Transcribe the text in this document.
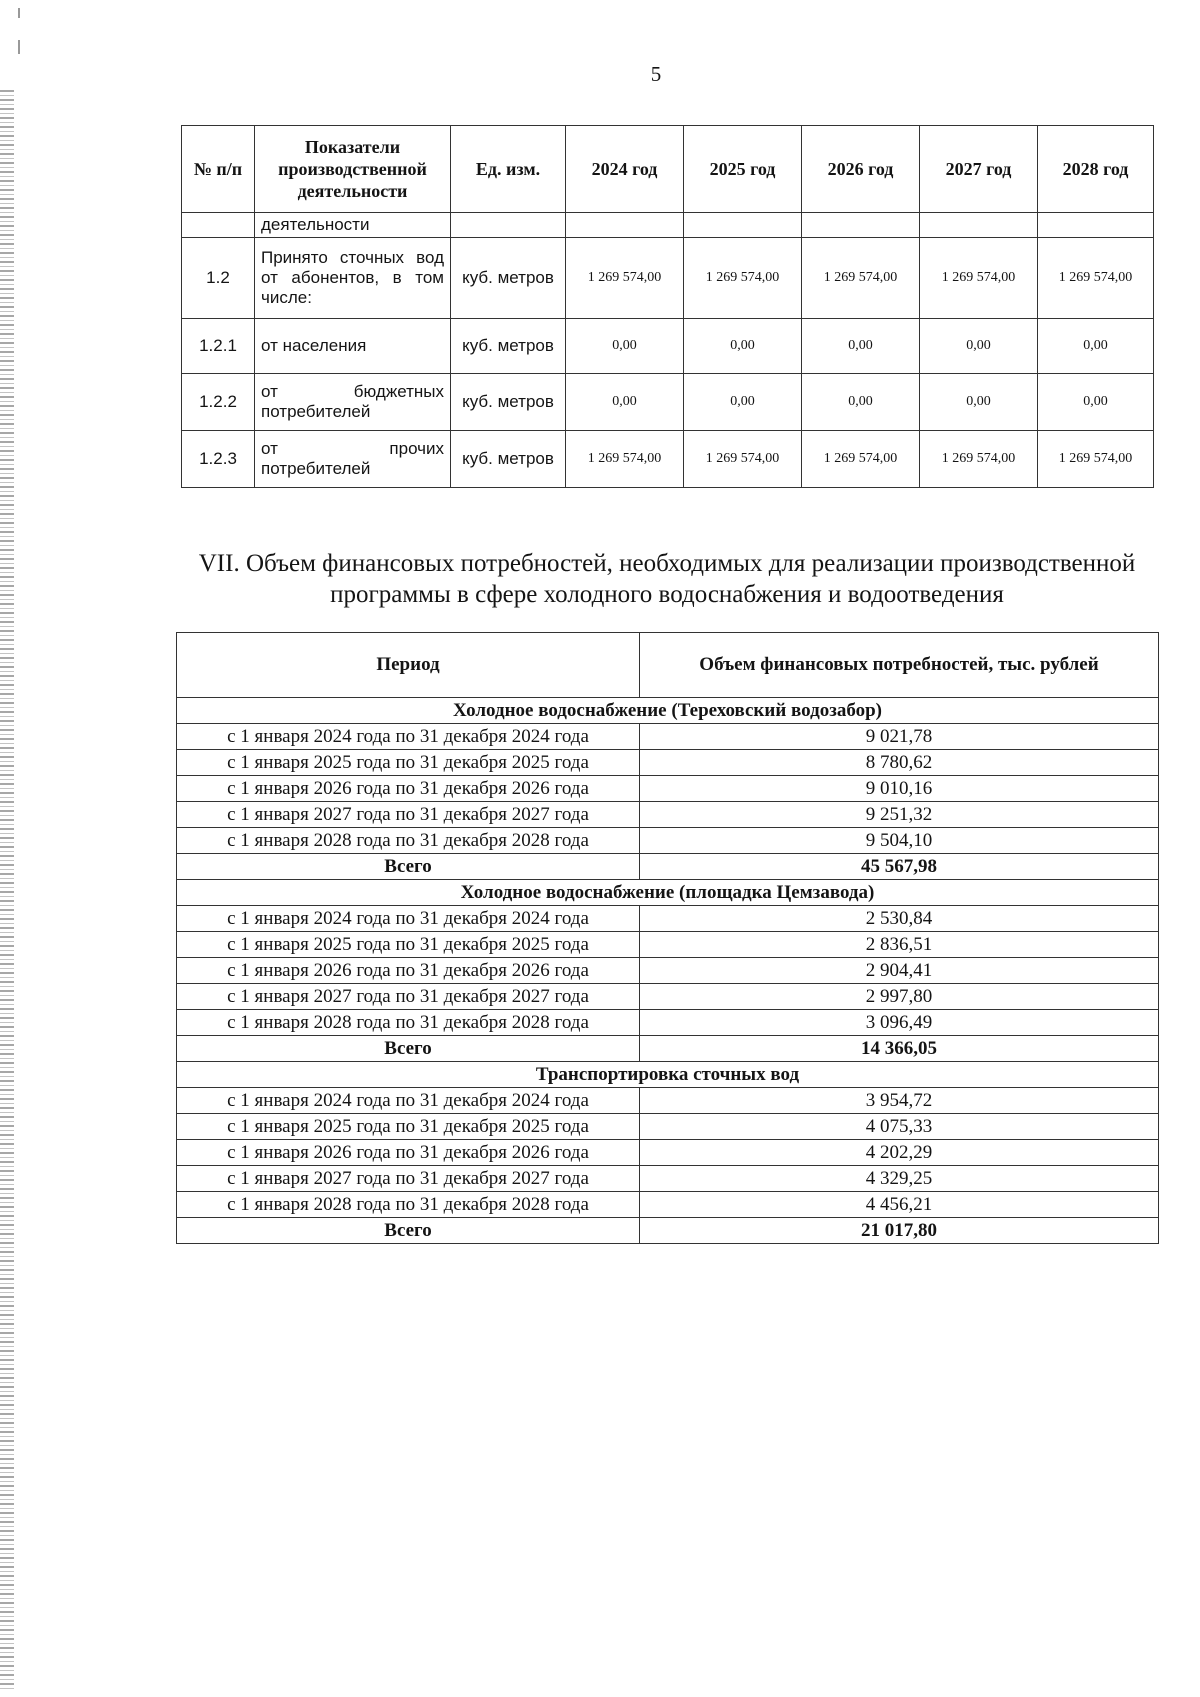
5
№ п/п	Показатели производственной деятельности	Ед. изм.	2024 год	2025 год	2026 год	2027 год	2028 год
	деятельности						
1.2	Принято сточных вод от абонентов, в том числе:	куб. метров	1 269 574,00	1 269 574,00	1 269 574,00	1 269 574,00	1 269 574,00
1.2.1	от населения	куб. метров	0,00	0,00	0,00	0,00	0,00
1.2.2	от бюджетных потребителей	куб. метров	0,00	0,00	0,00	0,00	0,00
1.2.3	от прочих потребителей	куб. метров	1 269 574,00	1 269 574,00	1 269 574,00	1 269 574,00	1 269 574,00
VII. Объем финансовых потребностей, необходимых для реализации производственной программы в сфере холодного водоснабжения и водоотведения
Период	Объем финансовых потребностей, тыс. рублей
Холодное водоснабжение (Тереховский водозабор)	
с 1 января 2024 года по 31 декабря 2024 года	9 021,78
с 1 января 2025 года по 31 декабря 2025 года	8 780,62
с 1 января 2026 года по 31 декабря 2026 года	9 010,16
с 1 января 2027 года по 31 декабря 2027 года	9 251,32
с 1 января 2028 года по 31 декабря 2028 года	9 504,10
Всего	45 567,98
Холодное водоснабжение (площадка Цемзавода)	
с 1 января 2024 года по 31 декабря 2024 года	2 530,84
с 1 января 2025 года по 31 декабря 2025 года	2 836,51
с 1 января 2026 года по 31 декабря 2026 года	2 904,41
с 1 января 2027 года по 31 декабря 2027 года	2 997,80
с 1 января 2028 года по 31 декабря 2028 года	3 096,49
Всего	14 366,05
Транспортировка сточных вод	
с 1 января 2024 года по 31 декабря 2024 года	3 954,72
с 1 января 2025 года по 31 декабря 2025 года	4 075,33
с 1 января 2026 года по 31 декабря 2026 года	4 202,29
с 1 января 2027 года по 31 декабря 2027 года	4 329,25
с 1 января 2028 года по 31 декабря 2028 года	4 456,21
Всего	21 017,80
